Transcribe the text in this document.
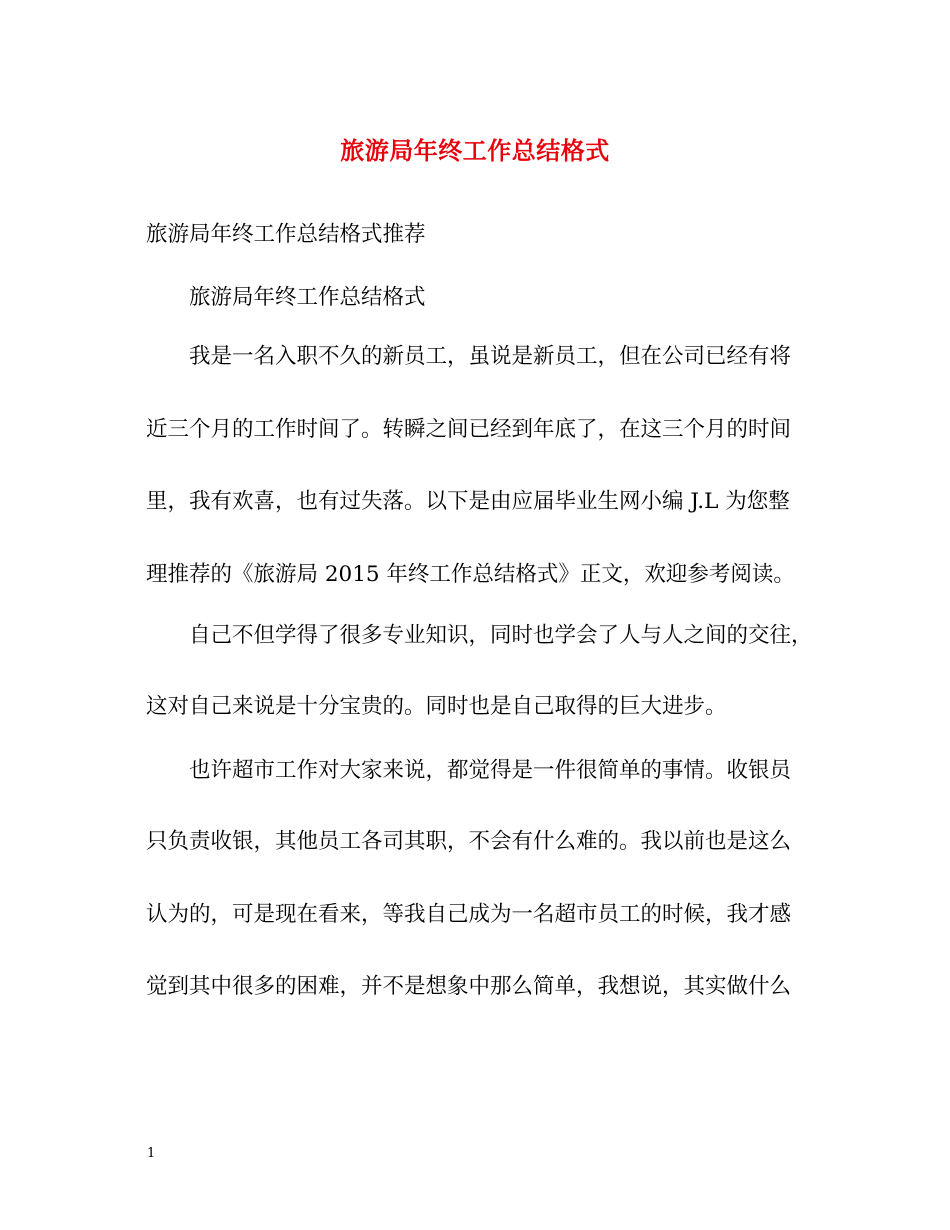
旅游局年终工作总结格式
旅游局年终工作总结格式推荐
旅游局年终工作总结格式
我是一名入职不久的新员工，虽说是新员工，但在公司已经有将
近三个月的工作时间了。转瞬之间已经到年底了，在这三个月的时间
里，我有欢喜，也有过失落。以下是由应届毕业生网小编 J.L 为您整
理推荐的《旅游局 2015 年终工作总结格式》正文，欢迎参考阅读。
自己不但学得了很多专业知识，同时也学会了人与人之间的交往，
这对自己来说是十分宝贵的。同时也是自己取得的巨大进步。
也许超市工作对大家来说，都觉得是一件很简单的事情。收银员
只负责收银，其他员工各司其职，不会有什么难的。我以前也是这么
认为的，可是现在看来，等我自己成为一名超市员工的时候，我才感
觉到其中很多的困难，并不是想象中那么简单，我想说，其实做什么
1
